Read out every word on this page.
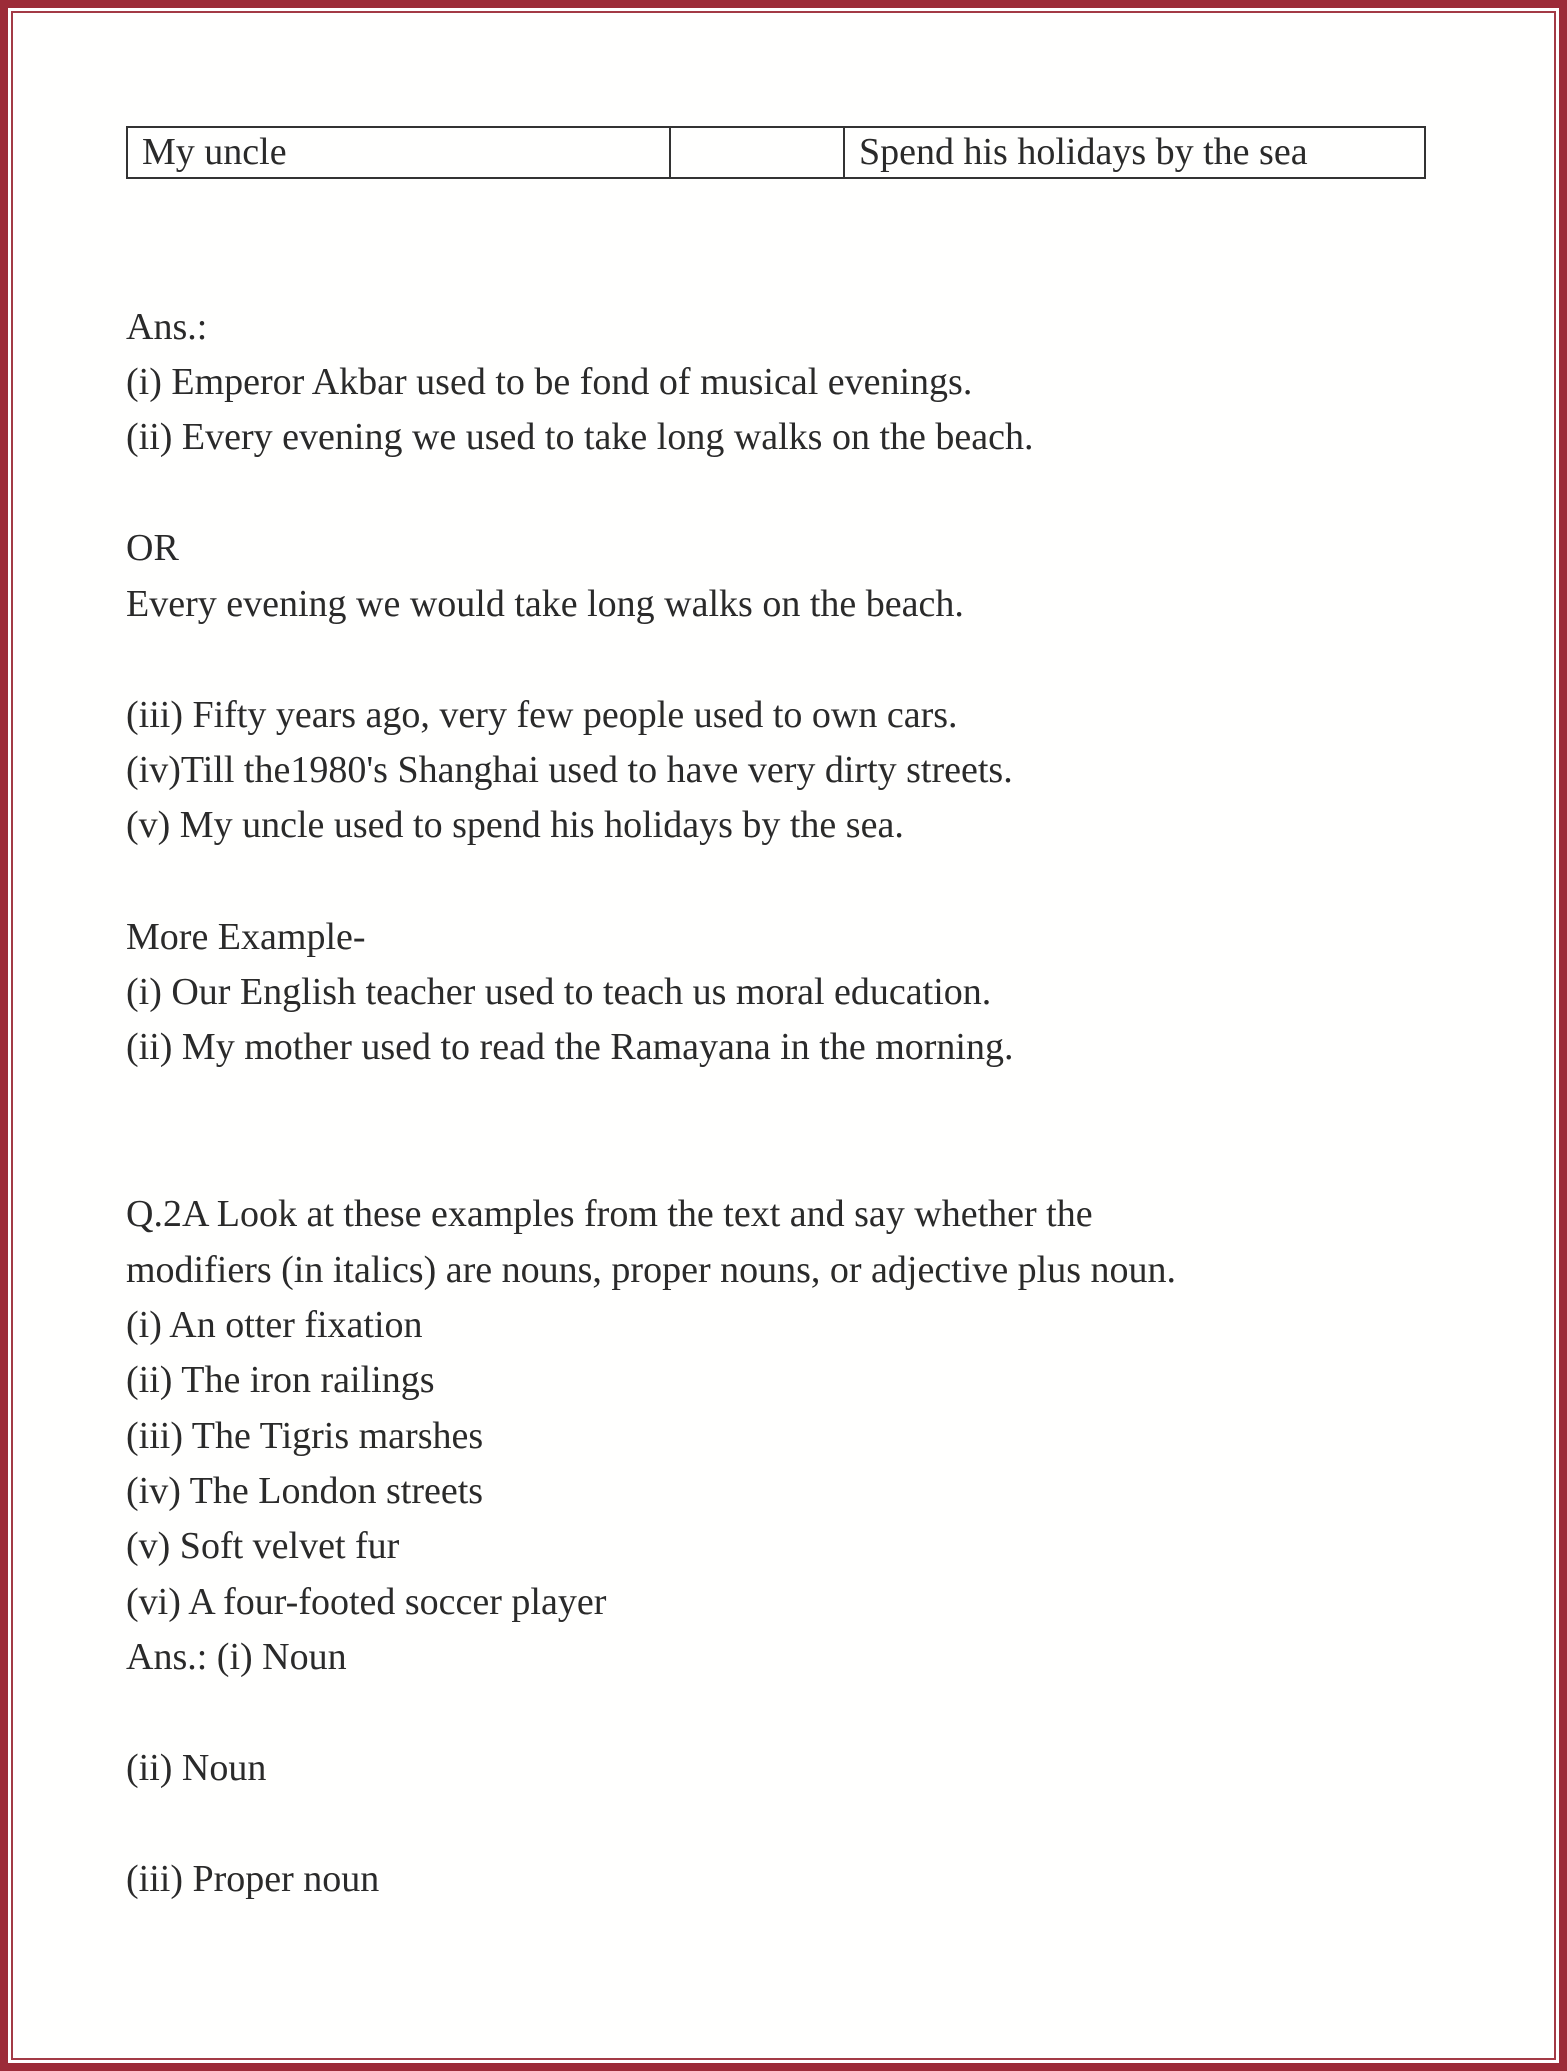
My uncle		Spend his holidays by the sea
Ans.:
(i) Emperor Akbar used to be fond of musical evenings.
(ii) Every evening we used to take long walks on the beach.
OR
Every evening we would take long walks on the beach.
(iii) Fifty years ago, very few people used to own cars.
(iv)Till the1980's Shanghai used to have very dirty streets.
(v) My uncle used to spend his holidays by the sea.
More Example-
(i) Our English teacher used to teach us moral education.
(ii) My mother used to read the Ramayana in the morning.
Q.2A Look at these examples from the text and say whether the
modifiers (in italics) are nouns, proper nouns, or adjective plus noun.
(i) An otter fixation
(ii) The iron railings
(iii) The Tigris marshes
(iv) The London streets
(v) Soft velvet fur
(vi) A four-footed soccer player
Ans.: (i) Noun
(ii) Noun
(iii) Proper noun
